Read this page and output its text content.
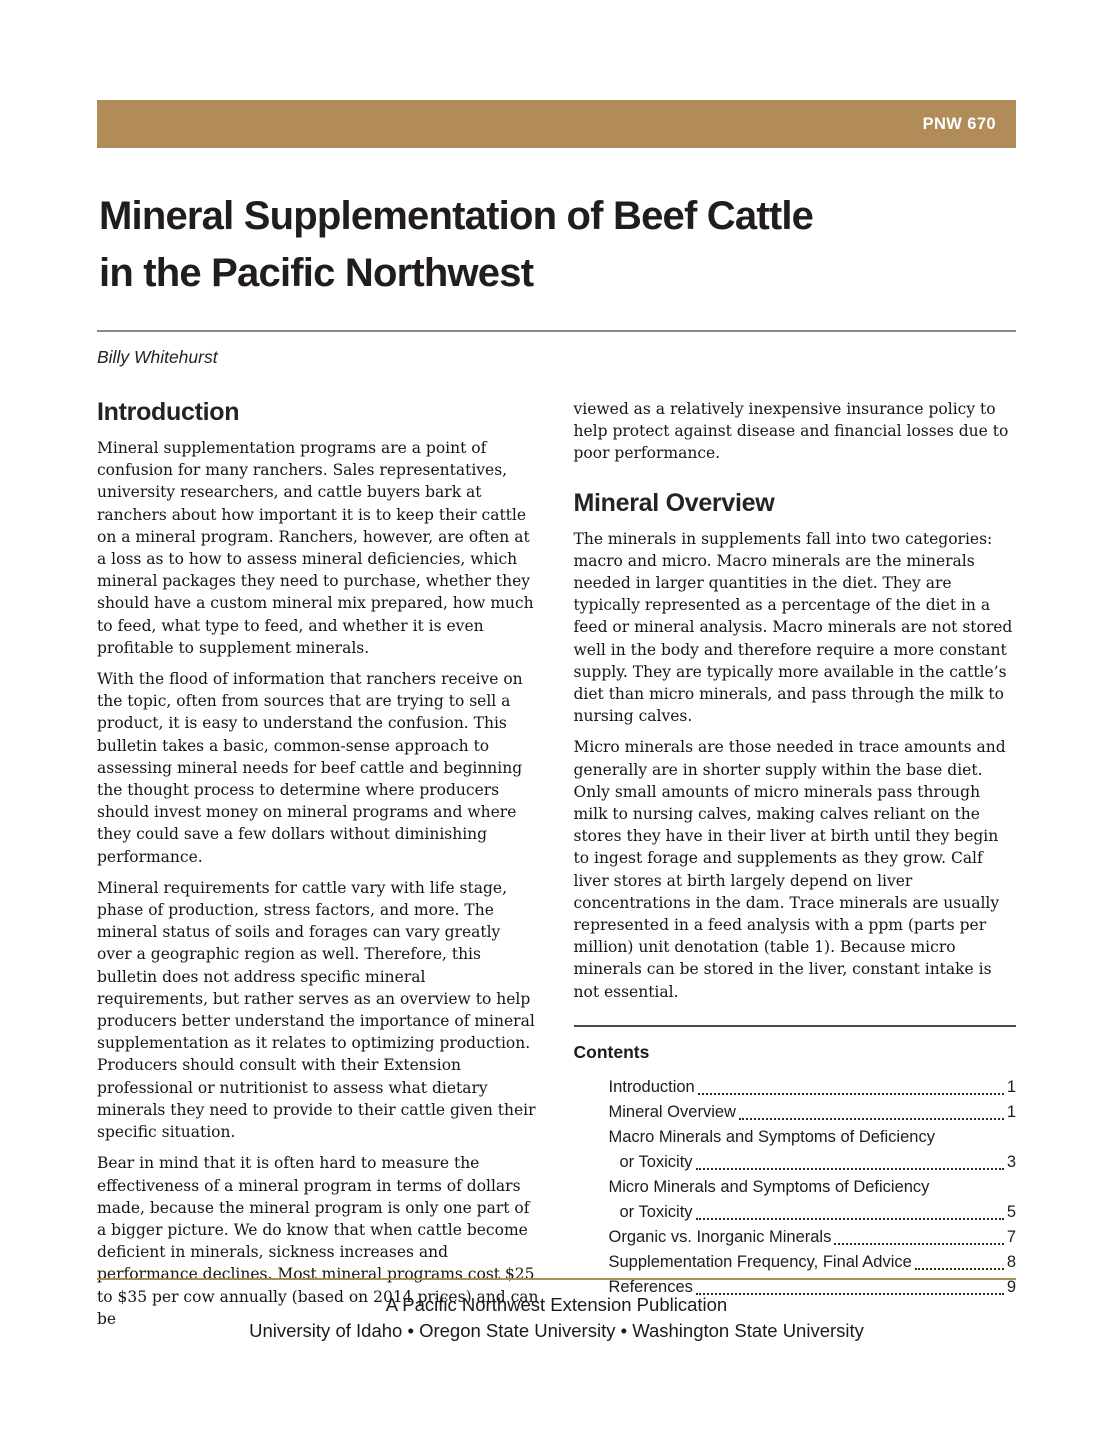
PNW 670
Mineral Supplementation of Beef Cattle
in the Pacific Northwest
Billy Whitehurst
Introduction

Mineral supplementation programs are a point of confusion for many ranchers. Sales representatives, university researchers, and cattle buyers bark at ranchers about how important it is to keep their cattle on a mineral program. Ranchers, however, are often at a loss as to how to assess mineral deficiencies, which mineral packages they need to purchase, whether they should have a custom mineral mix prepared, how much to feed, what type to feed, and whether it is even profitable to supplement minerals.

With the flood of information that ranchers receive on the topic, often from sources that are trying to sell a product, it is easy to understand the confusion. This bulletin takes a basic, common-sense approach to assessing mineral needs for beef cattle and beginning the thought process to determine where producers should invest money on mineral programs and where they could save a few dollars without diminishing performance.

Mineral requirements for cattle vary with life stage, phase of production, stress factors, and more. The mineral status of soils and forages can vary greatly over a geographic region as well. Therefore, this bulletin does not address specific mineral requirements, but rather serves as an overview to help producers better understand the importance of mineral supplementation as it relates to optimizing production. Producers should consult with their Extension professional or nutritionist to assess what dietary minerals they need to provide to their cattle given their specific situation.

Bear in mind that it is often hard to measure the effectiveness of a mineral program in terms of dollars made, because the mineral program is only one part of a bigger picture. We do know that when cattle become deficient in minerals, sickness increases and performance declines. Most mineral programs cost $25 to $35 per cow annually (based on 2014 prices) and can be

viewed as a relatively inexpensive insurance policy to help protect against disease and financial losses due to poor performance.

Mineral Overview

The minerals in supplements fall into two categories: macro and micro. Macro minerals are the minerals needed in larger quantities in the diet. They are typically represented as a percentage of the diet in a feed or mineral analysis. Macro minerals are not stored well in the body and therefore require a more constant supply. They are typically more available in the cattle’s diet than micro minerals, and pass through the milk to nursing calves.

Micro minerals are those needed in trace amounts and generally are in shorter supply within the base diet. Only small amounts of micro minerals pass through milk to nursing calves, making calves reliant on the stores they have in their liver at birth until they begin to ingest forage and supplements as they grow. Calf liver stores at birth largely depend on liver concentrations in the dam. Trace minerals are usually represented in a feed analysis with a ppm (parts per million) unit denotation (table 1). Because micro minerals can be stored in the liver, constant intake is not essential.

Contents
Introduction	1
Mineral Overview	1
Macro Minerals and Symptoms of Deficiency
or Toxicity	3
Micro Minerals and Symptoms of Deficiency
or Toxicity	5
Organic vs. Inorganic Minerals	7
Supplementation Frequency, Final Advice	8
References	9
A Pacific Northwest Extension Publication
University of Idaho • Oregon State University • Washington State University
